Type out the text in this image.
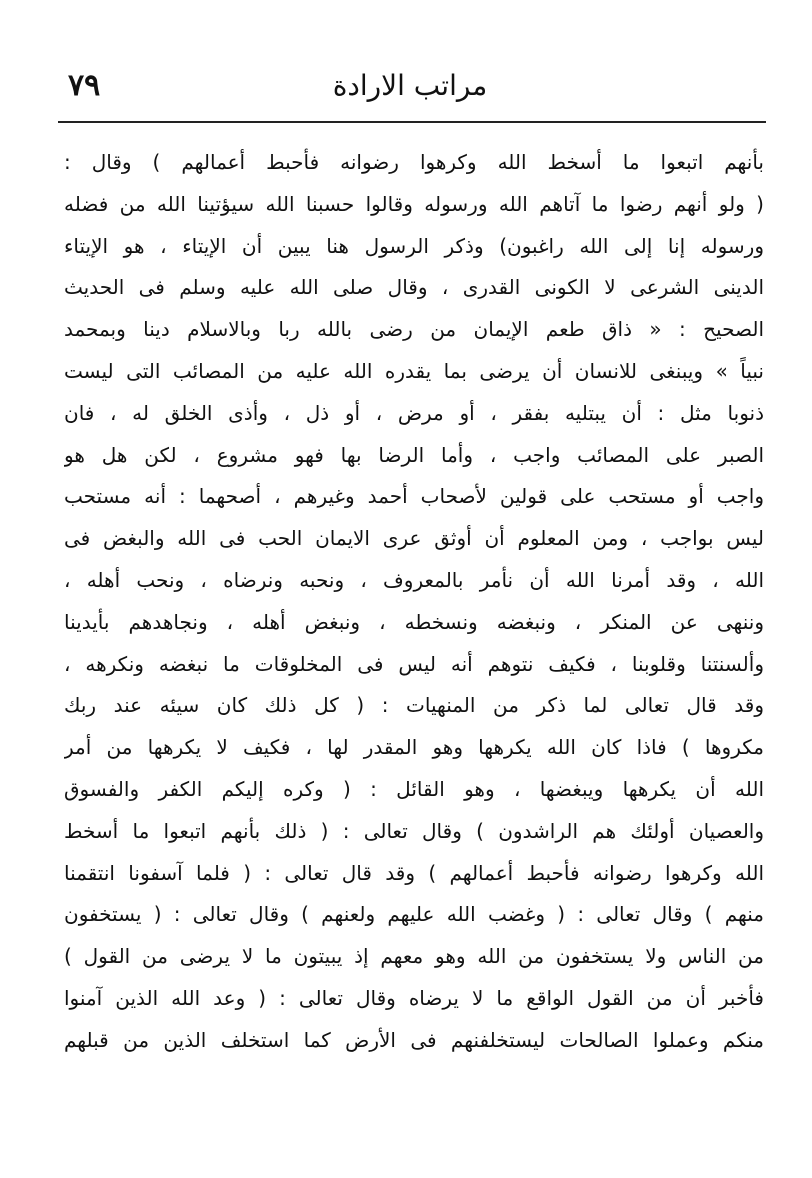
٧٩	مراتب الارادة
بأنهم اتبعوا ما أسخط الله وكرهوا رضوانه فأحبط أعمالهم ) وقال :
( ولو أنهم رضوا ما آتاهم الله ورسوله وقالوا حسبنا الله سيؤتينا الله من فضله
ورسوله إنا إلى الله راغبون) وذكر الرسول هنا يبين أن الإيتاء ، هو الإيتاء
الدينى الشرعى لا الكونى القدرى ، وقال صلى الله عليه وسلم فى الحديث
الصحيح : « ذاق طعم الإيمان من رضى بالله ربا وبالاسلام دينا وبمحمد
نبياً » ويبنغى للانسان أن يرضى بما يقدره الله عليه من المصائب التى ليست
ذنوبا مثل : أن يبتليه بفقر ، أو مرض ، أو ذل ، وأذى الخلق له ، فان
الصبر على المصائب واجب ، وأما الرضا بها فهو مشروع ، لكن هل هو
واجب أو مستحب على قولين لأصحاب أحمد وغيرهم ، أصحهما : أنه مستحب
ليس بواجب ، ومن المعلوم أن أوثق عرى الايمان الحب فى الله والبغض فى
الله ، وقد أمرنا الله أن نأمر بالمعروف ، ونحبه ونرضاه ، ونحب أهله ،
وننهى عن المنكر ، ونبغضه ونسخطه ، ونبغض أهله ، ونجاهدهم بأيدينا
وألسنتنا وقلوبنا ، فكيف نتوهم أنه ليس فى المخلوقات ما نبغضه ونكرهه ،
وقد قال تعالى لما ذكر من المنهيات : ( كل ذلك كان سيئه عند ربك
مكروها ) فاذا كان الله يكرهها وهو المقدر لها ، فكيف لا يكرهها من أمر
الله أن يكرهها ويبغضها ، وهو القائل : ( وكره إليكم الكفر والفسوق
والعصيان أولئك هم الراشدون ) وقال تعالى : ( ذلك بأنهم اتبعوا ما أسخط
الله وكرهوا رضوانه فأحبط أعمالهم ) وقد قال تعالى : ( فلما آسفونا انتقمنا
منهم ) وقال تعالى : ( وغضب الله عليهم ولعنهم ) وقال تعالى : ( يستخفون
من الناس ولا يستخفون من الله وهو معهم إذ يبيتون ما لا يرضى من القول )
فأخبر أن من القول الواقع ما لا يرضاه وقال تعالى : ( وعد الله الذين آمنوا
منكم وعملوا الصالحات ليستخلفنهم فى الأرض كما استخلف الذين من قبلهم
